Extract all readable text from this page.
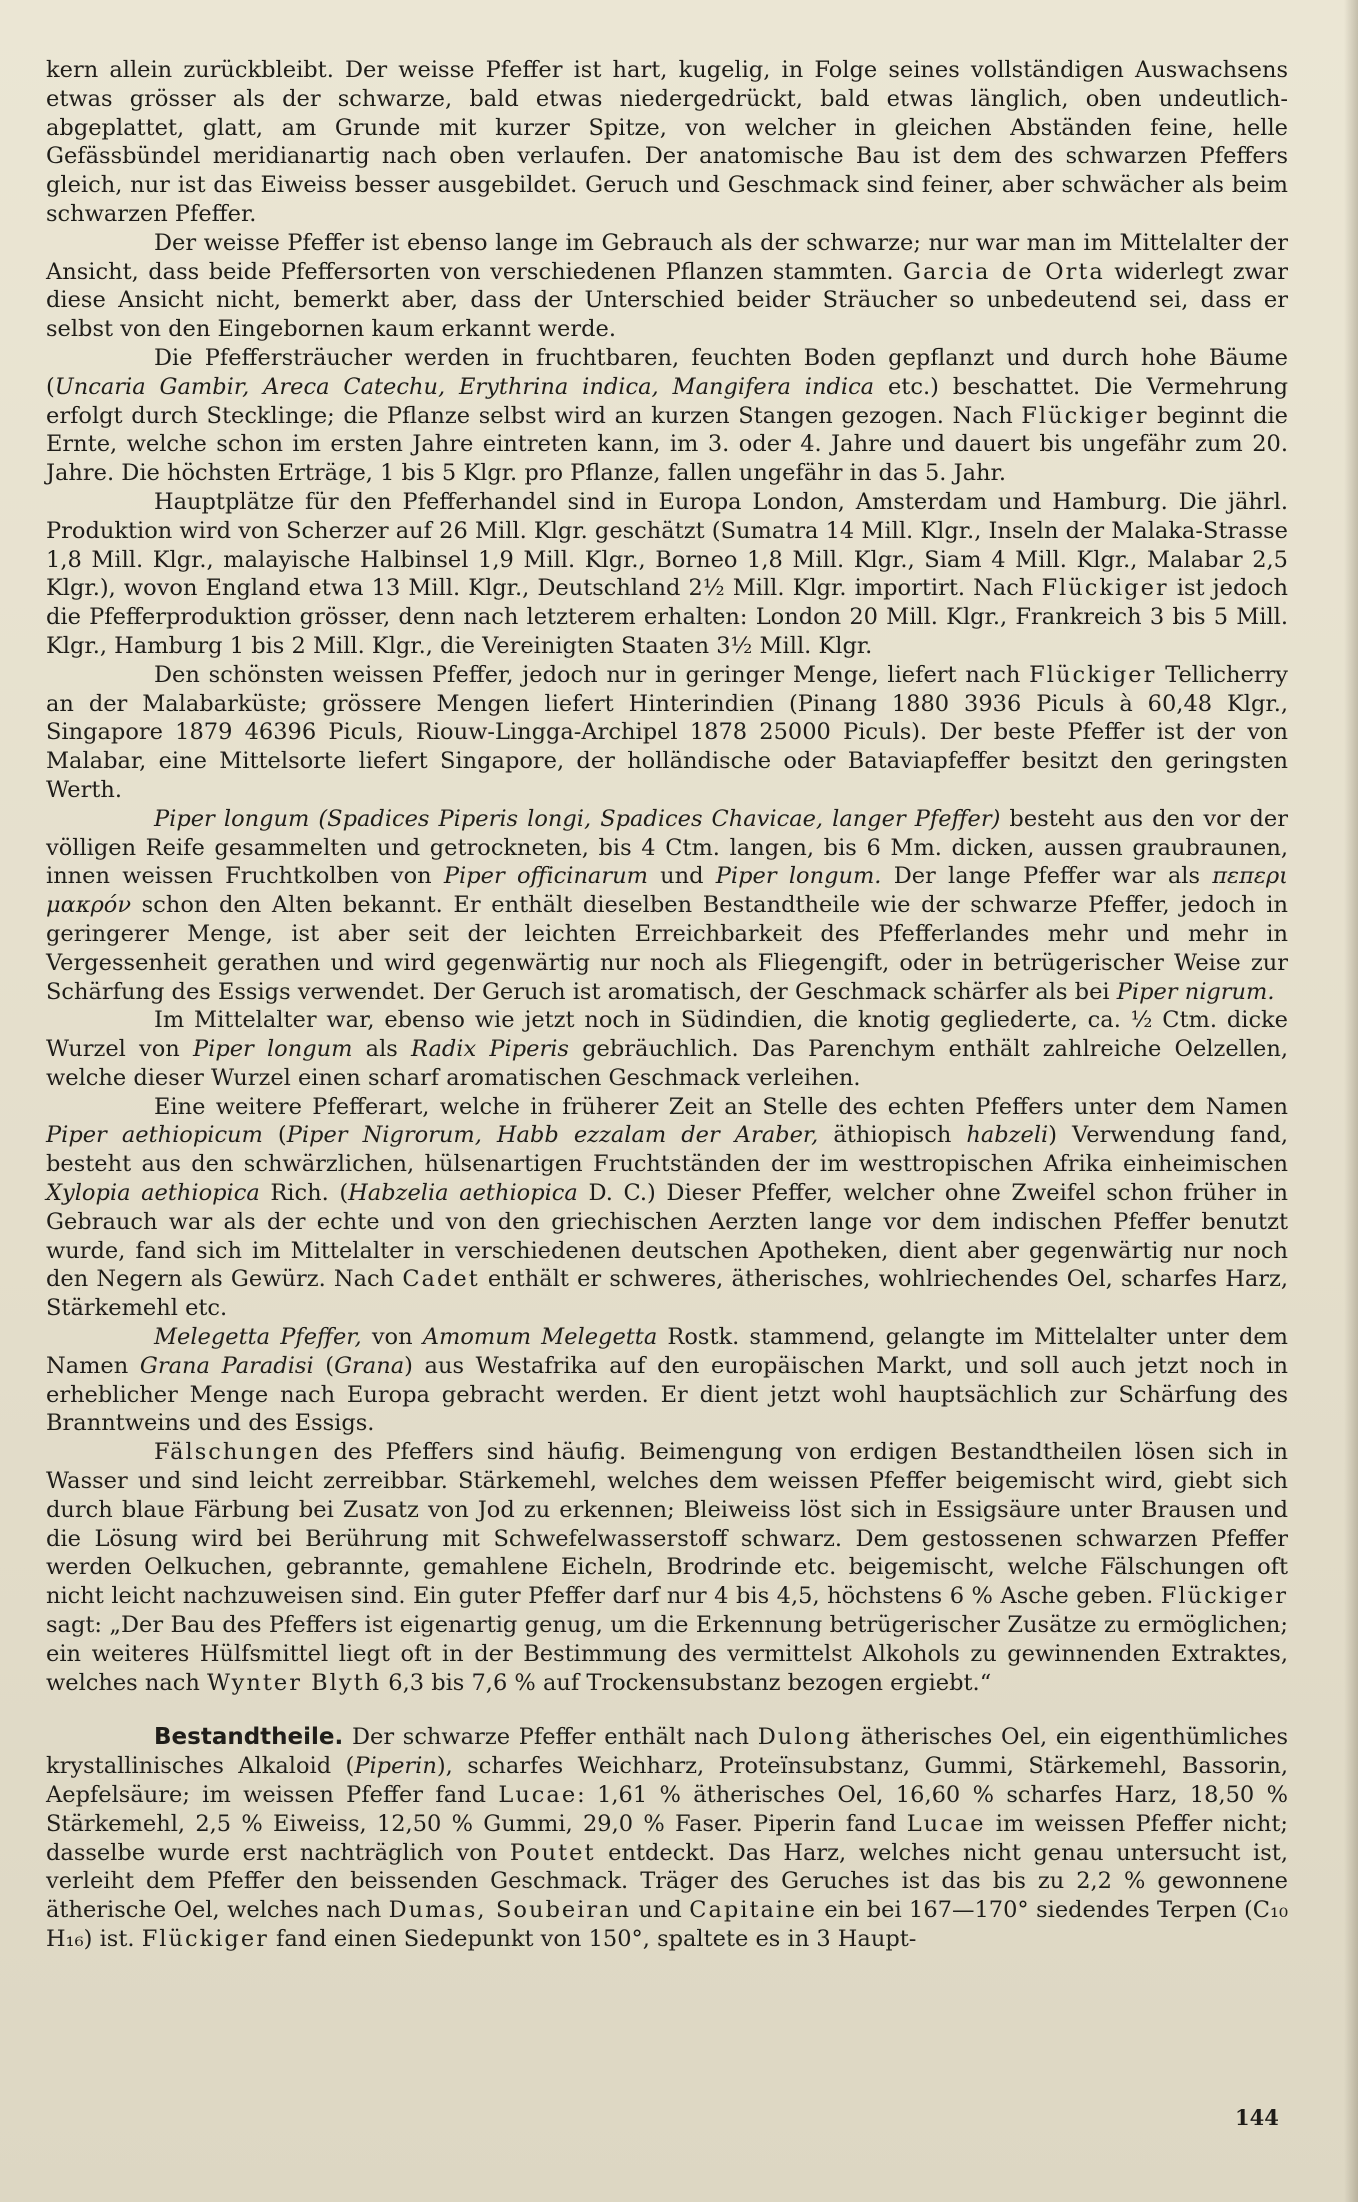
kern allein zurückbleibt. Der weisse Pfeffer ist hart, kugelig, in Folge seines vollständigen Auswachsens etwas grösser als der schwarze, bald etwas niedergedrückt, bald etwas länglich, oben undeutlich-abgeplattet, glatt, am Grunde mit kurzer Spitze, von welcher in gleichen Abständen feine, helle Gefässbündel meridianartig nach oben verlaufen. Der anatomische Bau ist dem des schwarzen Pfeffers gleich, nur ist das Eiweiss besser ausgebildet. Geruch und Geschmack sind feiner, aber schwächer als beim schwarzen Pfeffer.

Der weisse Pfeffer ist ebenso lange im Gebrauch als der schwarze; nur war man im Mittelalter der Ansicht, dass beide Pfeffersorten von verschiedenen Pflanzen stammten. Garcia de Orta widerlegt zwar diese Ansicht nicht, bemerkt aber, dass der Unterschied beider Sträucher so unbedeutend sei, dass er selbst von den Eingebornen kaum erkannt werde.

Die Pfeffersträucher werden in fruchtbaren, feuchten Boden gepflanzt und durch hohe Bäume (Uncaria Gambir, Areca Catechu, Erythrina indica, Mangifera indica etc.) beschattet. Die Vermehrung erfolgt durch Stecklinge; die Pflanze selbst wird an kurzen Stangen gezogen. Nach Flückiger beginnt die Ernte, welche schon im ersten Jahre eintreten kann, im 3. oder 4. Jahre und dauert bis ungefähr zum 20. Jahre. Die höchsten Erträge, 1 bis 5 Klgr. pro Pflanze, fallen ungefähr in das 5. Jahr.

Hauptplätze für den Pfefferhandel sind in Europa London, Amsterdam und Hamburg. Die jährl. Produktion wird von Scherzer auf 26 Mill. Klgr. geschätzt (Sumatra 14 Mill. Klgr., Inseln der Malaka-Strasse 1,8 Mill. Klgr., malayische Halbinsel 1,9 Mill. Klgr., Borneo 1,8 Mill. Klgr., Siam 4 Mill. Klgr., Malabar 2,5 Klgr.), wovon England etwa 13 Mill. Klgr., Deutschland 2½ Mill. Klgr. importirt. Nach Flückiger ist jedoch die Pfefferproduktion grösser, denn nach letzterem erhalten: London 20 Mill. Klgr., Frankreich 3 bis 5 Mill. Klgr., Hamburg 1 bis 2 Mill. Klgr., die Vereinigten Staaten 3½ Mill. Klgr.

Den schönsten weissen Pfeffer, jedoch nur in geringer Menge, liefert nach Flückiger Tellicherry an der Malabarküste; grössere Mengen liefert Hinterindien (Pinang 1880 3936 Piculs à 60,48 Klgr., Singapore 1879 46396 Piculs, Riouw-Lingga-Archipel 1878 25000 Piculs). Der beste Pfeffer ist der von Malabar, eine Mittelsorte liefert Singapore, der holländische oder Bataviapfeffer besitzt den geringsten Werth.

Piper longum (Spadices Piperis longi, Spadices Chavicae, langer Pfeffer) besteht aus den vor der völligen Reife gesammelten und getrockneten, bis 4 Ctm. langen, bis 6 Mm. dicken, aussen graubraunen, innen weissen Fruchtkolben von Piper officinarum und Piper longum. Der lange Pfeffer war als πεπερι μακρόν schon den Alten bekannt. Er enthält dieselben Bestandtheile wie der schwarze Pfeffer, jedoch in geringerer Menge, ist aber seit der leichten Erreichbarkeit des Pfefferlandes mehr und mehr in Vergessenheit gerathen und wird gegenwärtig nur noch als Fliegengift, oder in betrügerischer Weise zur Schärfung des Essigs verwendet. Der Geruch ist aromatisch, der Geschmack schärfer als bei Piper nigrum.

Im Mittelalter war, ebenso wie jetzt noch in Südindien, die knotig gegliederte, ca. ½ Ctm. dicke Wurzel von Piper longum als Radix Piperis gebräuchlich. Das Parenchym enthält zahlreiche Oelzellen, welche dieser Wurzel einen scharf aromatischen Geschmack verleihen.

Eine weitere Pfefferart, welche in früherer Zeit an Stelle des echten Pfeffers unter dem Namen Piper aethiopicum (Piper Nigrorum, Habb ezzalam der Araber, äthiopisch habzeli) Verwendung fand, besteht aus den schwärzlichen, hülsenartigen Fruchtständen der im westtropischen Afrika einheimischen Xylopia aethiopica Rich. (Habzelia aethiopica D. C.) Dieser Pfeffer, welcher ohne Zweifel schon früher in Gebrauch war als der echte und von den griechischen Aerzten lange vor dem indischen Pfeffer benutzt wurde, fand sich im Mittelalter in verschiedenen deutschen Apotheken, dient aber gegenwärtig nur noch den Negern als Gewürz. Nach Cadet enthält er schweres, ätherisches, wohlriechendes Oel, scharfes Harz, Stärkemehl etc.

Melegetta Pfeffer, von Amomum Melegetta Rostk. stammend, gelangte im Mittelalter unter dem Namen Grana Paradisi (Grana) aus Westafrika auf den europäischen Markt, und soll auch jetzt noch in erheblicher Menge nach Europa gebracht werden. Er dient jetzt wohl hauptsächlich zur Schärfung des Branntweins und des Essigs.

Fälschungen des Pfeffers sind häufig. Beimengung von erdigen Bestandtheilen lösen sich in Wasser und sind leicht zerreibbar. Stärkemehl, welches dem weissen Pfeffer beigemischt wird, giebt sich durch blaue Färbung bei Zusatz von Jod zu erkennen; Bleiweiss löst sich in Essigsäure unter Brausen und die Lösung wird bei Berührung mit Schwefelwasserstoff schwarz. Dem gestossenen schwarzen Pfeffer werden Oelkuchen, gebrannte, gemahlene Eicheln, Brodrinde etc. beigemischt, welche Fälschungen oft nicht leicht nachzuweisen sind. Ein guter Pfeffer darf nur 4 bis 4,5, höchstens 6 % Asche geben. Flückiger sagt: „Der Bau des Pfeffers ist eigenartig genug, um die Erkennung betrügerischer Zusätze zu ermöglichen; ein weiteres Hülfsmittel liegt oft in der Bestimmung des vermittelst Alkohols zu gewinnenden Extraktes, welches nach Wynter Blyth 6,3 bis 7,6 % auf Trockensubstanz bezogen ergiebt.“

Bestandtheile. Der schwarze Pfeffer enthält nach Dulong ätherisches Oel, ein eigenthümliches krystallinisches Alkaloid (Piperin), scharfes Weichharz, Proteïnsubstanz, Gummi, Stärkemehl, Bassorin, Aepfelsäure; im weissen Pfeffer fand Lucae: 1,61 % ätherisches Oel, 16,60 % scharfes Harz, 18,50 % Stärkemehl, 2,5 % Eiweiss, 12,50 % Gummi, 29,0 % Faser. Piperin fand Lucae im weissen Pfeffer nicht; dasselbe wurde erst nachträglich von Poutet entdeckt. Das Harz, welches nicht genau untersucht ist, verleiht dem Pfeffer den beissenden Geschmack. Träger des Geruches ist das bis zu 2,2 % gewonnene ätherische Oel, welches nach Dumas, Soubeiran und Capitaine ein bei 167—170° siedendes Terpen (C₁₀ H₁₆) ist. Flückiger fand einen Siedepunkt von 150°, spaltete es in 3 Haupt-

144
